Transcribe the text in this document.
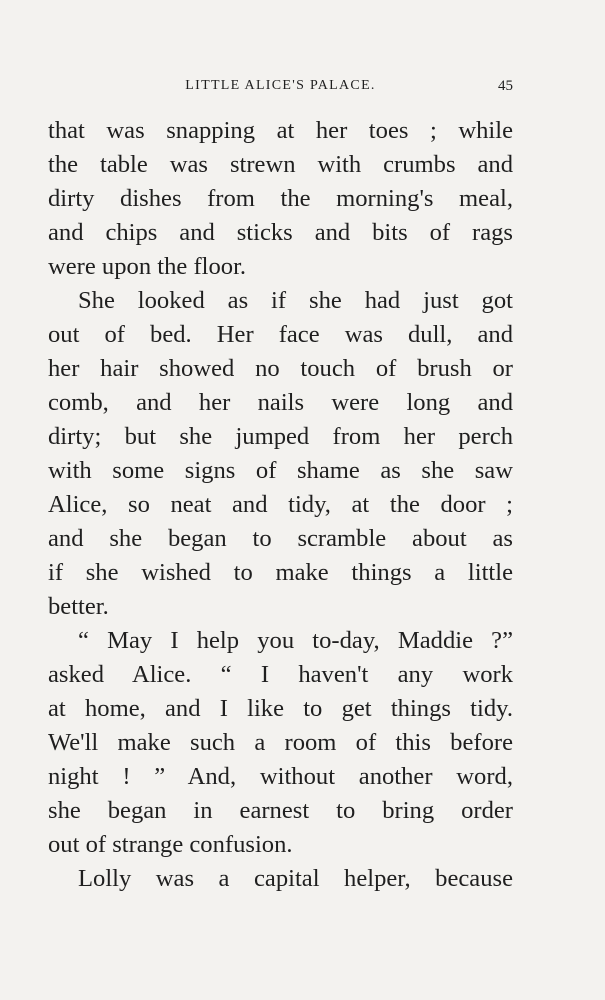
LITTLE ALICE'S PALACE.	45
that was snapping at her toes ; while
the table was strewn with crumbs and
dirty dishes from the morning's meal,
and chips and sticks and bits of rags
were upon the floor.
She looked as if she had just got
out of bed. Her face was dull, and
her hair showed no touch of brush or
comb, and her nails were long and
dirty; but she jumped from her perch
with some signs of shame as she saw
Alice, so neat and tidy, at the door ;
and she began to scramble about as
if she wished to make things a little
better.
“ May I help you to-day, Maddie ?”
asked Alice. “ I haven't any work
at home, and I like to get things tidy.
We'll make such a room of this before
night ! ” And, without another word,
she began in earnest to bring order
out of strange confusion.
Lolly was a capital helper, because
